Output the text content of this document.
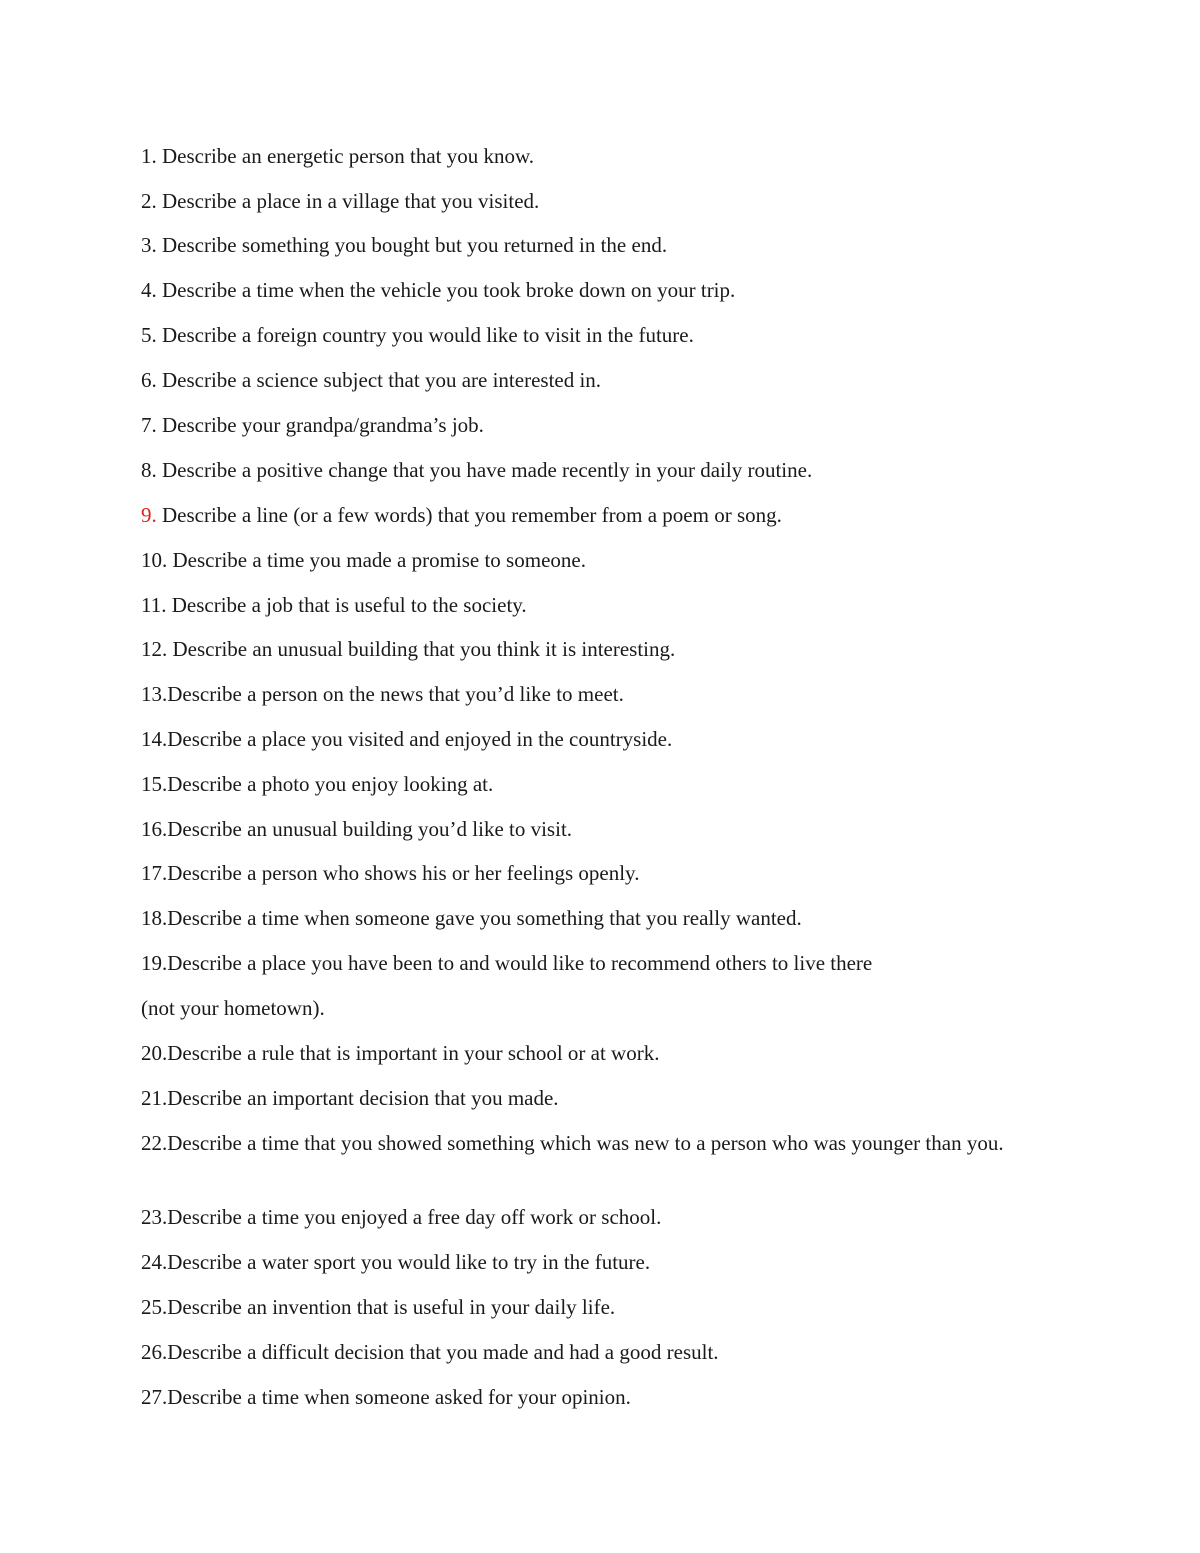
1. Describe an energetic person that you know.
2. Describe a place in a village that you visited.
3. Describe something you bought but you returned in the end.
4. Describe a time when the vehicle you took broke down on your trip.
5. Describe a foreign country you would like to visit in the future.
6. Describe a science subject that you are interested in.
7. Describe your grandpa/grandma’s job.
8. Describe a positive change that you have made recently in your daily routine.
9. Describe a line (or a few words) that you remember from a poem or song.
10. Describe a time you made a promise to someone.
11. Describe a job that is useful to the society.
12. Describe an unusual building that you think it is interesting.
13.Describe a person on the news that you’d like to meet.
14.Describe a place you visited and enjoyed in the countryside.
15.Describe a photo you enjoy looking at.
16.Describe an unusual building you’d like to visit.
17.Describe a person who shows his or her feelings openly.
18.Describe a time when someone gave you something that you really wanted.
19.Describe a place you have been to and would like to recommend others to live there
(not your hometown).
20.Describe a rule that is important in your school or at work.
21.Describe an important decision that you made.
22.Describe a time that you showed something which was new to a person who was younger than you.
23.Describe a time you enjoyed a free day off work or school.
24.Describe a water sport you would like to try in the future.
25.Describe an invention that is useful in your daily life.
26.Describe a difficult decision that you made and had a good result.
27.Describe a time when someone asked for your opinion.
